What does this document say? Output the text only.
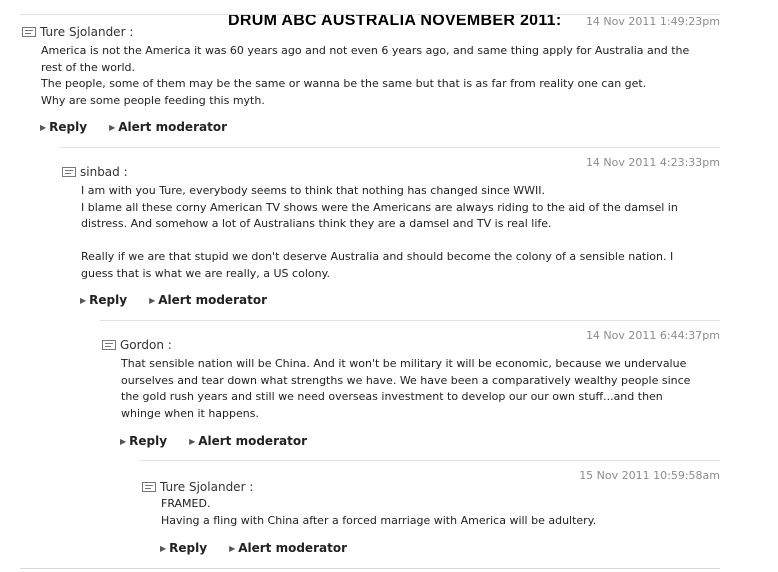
DRUM ABC AUSTRALIA NOVEMBER 2011: 14 Nov 2011 1:49:23pm
Ture Sjolander :

America is not the America it was 60 years ago and not even 6 years ago, and same thing apply for Australia and the

rest of the world.

The people, some of them may be the same or wanna be the same but that is as far from reality one can get.

Why are some people feeding this myth.

▶ Reply	▶ Alert moderator
14 Nov 2011 4:23:33pm
sinbad :

I am with you Ture, everybody seems to think that nothing has changed since WWII.

I blame all these corny American TV shows were the Americans are always riding to the aid of the damsel in

distress. And somehow a lot of Australians think they are a damsel and TV is real life.

Really if we are that stupid we don't deserve Australia and should become the colony of a sensible nation. I

guess that is what we are really, a US colony.

▶ Reply	▶ Alert moderator
14 Nov 2011 6:44:37pm
Gordon :

That sensible nation will be China. And it won't be military it will be economic, because we undervalue

ourselves and tear down what strengths we have. We have been a comparatively wealthy people since

the gold rush years and still we need overseas investment to develop our our own stuff...and then

whinge when it happens.

▶ Reply	▶ Alert moderator
15 Nov 2011 10:59:58am
Ture Sjolander :

FRAMED.

Having a fling with China after a forced marriage with America will be adultery.

▶ Reply	▶ Alert moderator
